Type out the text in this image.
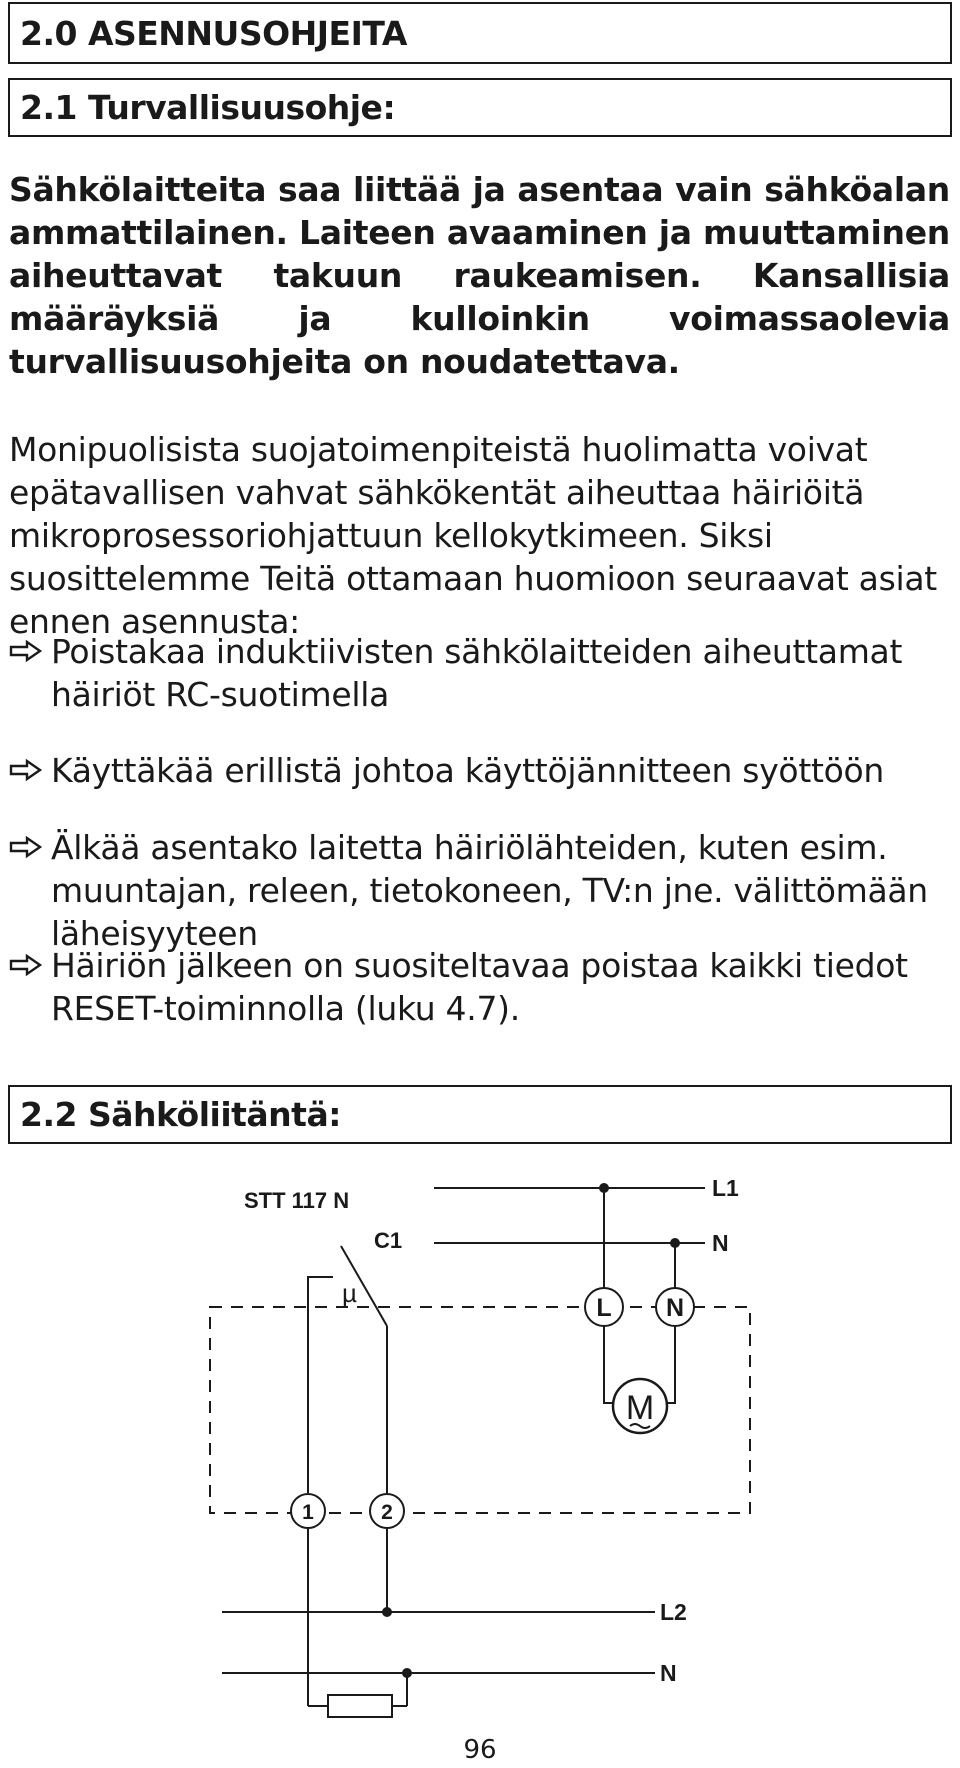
2.0 ASENNUSOHJEITA
2.1 Turvallisuusohje:

Sähkölaitteita saa liittää ja asentaa vain sähköalan ammattilainen. Laiteen avaaminen ja muuttaminen aiheuttavat takuun raukeamisen. Kansallisia määräyksiä ja kulloinkin voimassaolevia turvallisuusohjeita on noudatettava.

Monipuolisista suojatoimenpiteistä huolimatta voivat epätavallisen vahvat sähkökentät aiheuttaa häiriöitä mikroprosessoriohjattuun kellokytkimeen. Siksi suosittelemme Teitä ottamaan huomioon seuraavat asiat ennen asennusta:

Poistakaa induktiivisten sähkölaitteiden aiheuttamat häiriöt RC-suotimella
Käyttäkää erillistä johtoa käyttöjännitteen syöttöön
Älkää asentako laitetta häiriölähteiden, kuten esim. muuntajan, releen, tietokoneen, TV:n jne. välittömään läheisyyteen
Häiriön jälkeen on suositeltavaa poistaa kaikki tiedot RESET-toiminnolla (luku 4.7).
2.2 Sähköliitäntä:
L1
N
L N
M
STT 117 N
C1
µ
1	2
L2
N
96
